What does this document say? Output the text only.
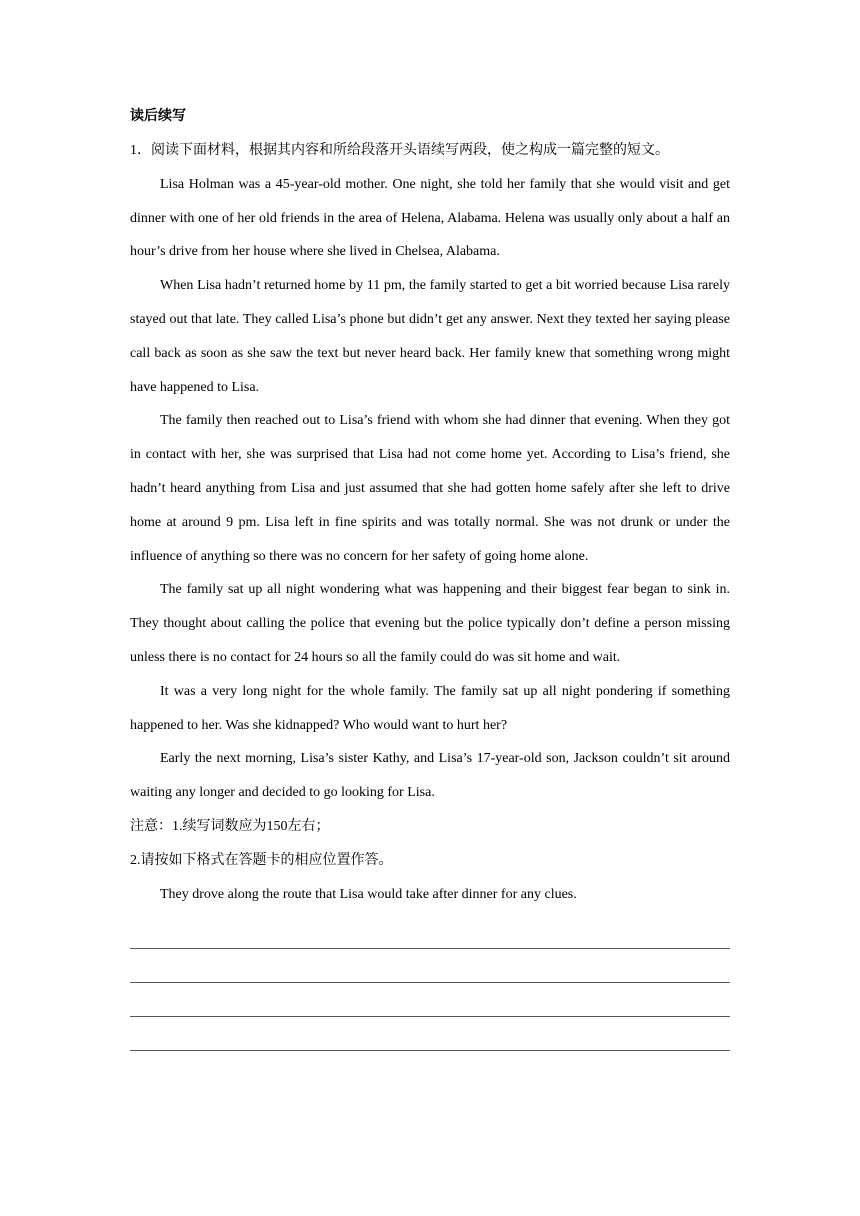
读后续写

1．阅读下面材料，根据其内容和所给段落开头语续写两段，使之构成一篇完整的短文。

Lisa Holman was a 45-year-old mother. One night, she told her family that she would visit and get dinner with one of her old friends in the area of Helena, Alabama. Helena was usually only about a half an hour’s drive from her house where she lived in Chelsea, Alabama.

When Lisa hadn’t returned home by 11 pm, the family started to get a bit worried because Lisa rarely stayed out that late. They called Lisa’s phone but didn’t get any answer. Next they texted her saying please call back as soon as she saw the text but never heard back. Her family knew that something wrong might have happened to Lisa.

The family then reached out to Lisa’s friend with whom she had dinner that evening. When they got in contact with her, she was surprised that Lisa had not come home yet. According to Lisa’s friend, she hadn’t heard anything from Lisa and just assumed that she had gotten home safely after she left to drive home at around 9 pm. Lisa left in fine spirits and was totally normal. She was not drunk or under the influence of anything so there was no concern for her safety of going home alone.

The family sat up all night wondering what was happening and their biggest fear began to sink in. They thought about calling the police that evening but the police typically don’t define a person missing unless there is no contact for 24 hours so all the family could do was sit home and wait.

It was a very long night for the whole family. The family sat up all night pondering if something happened to her. Was she kidnapped? Who would want to hurt her?

Early the next morning, Lisa’s sister Kathy, and Lisa’s 17-year-old son, Jackson couldn’t sit around waiting any longer and decided to go looking for Lisa.

注意：1.续写词数应为150左右；

2.请按如下格式在答题卡的相应位置作答。

They drove along the route that Lisa would take after dinner for any clues.
